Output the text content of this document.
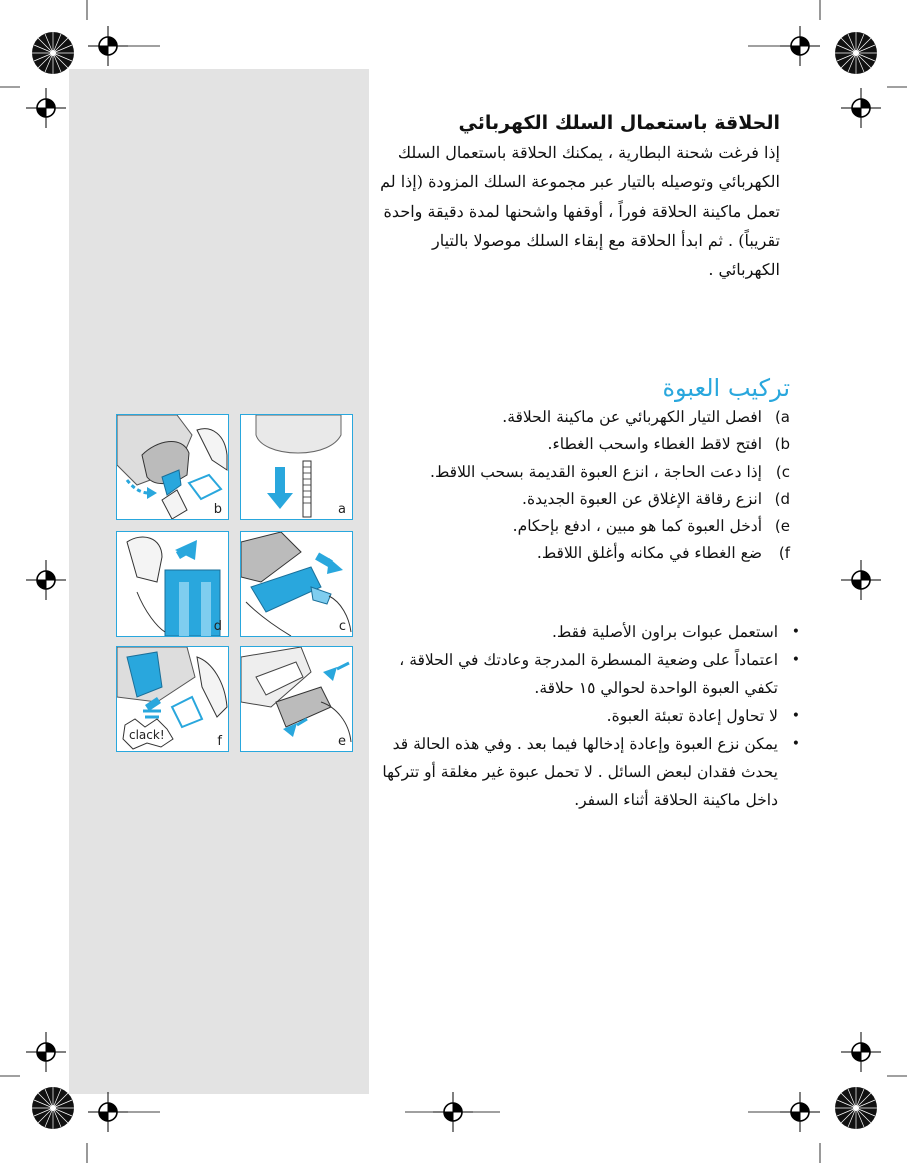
الحلاقة باستعمال السلك الكهربائي

إذا فرغت شحنة البطارية ، يمكنك الحلاقة باستعمال السلك الكهربائي وتوصيله بالتيار عبر مجموعة السلك المزودة (إذا لم تعمل ماكينة الحلاقة فوراً ، أوقفها واشحنها لمدة دقيقة واحدة تقريباً) . ثم ابدأ الحلاقة مع إبقاء السلك موصولا بالتيار الكهربائي .

تركيب العبوة
a)افصل التيار الكهربائي عن ماكينة الحلاقة.
b)افتح لاقط الغطاء واسحب الغطاء.
c)إذا دعت الحاجة ، انزع العبوة القديمة بسحب اللاقط.
d)انزع رقاقة الإغلاق عن العبوة الجديدة.
e)أدخل العبوة كما هو مبين ، ادفع بإحكام.
f)ضع الغطاء في مكانه وأغلق اللاقط.
•
استعمل عبوات براون الأصلية فقط.
•
اعتماداً على وضعية المسطرة المدرجة وعادتك في الحلاقة ، تكفي العبوة الواحدة لحوالي ١٥ حلاقة.
•
لا تحاول إعادة تعبئة العبوة.
•
يمكن نزع العبوة وإعادة إدخالها فيما بعد . وفي هذه الحالة قد يحدث فقدان لبعض السائل . لا تحمل عبوة غير مغلقة أو تتركها داخل ماكينة الحلاقة أثناء السفر.
b	a
d	c
clack!	f	e
